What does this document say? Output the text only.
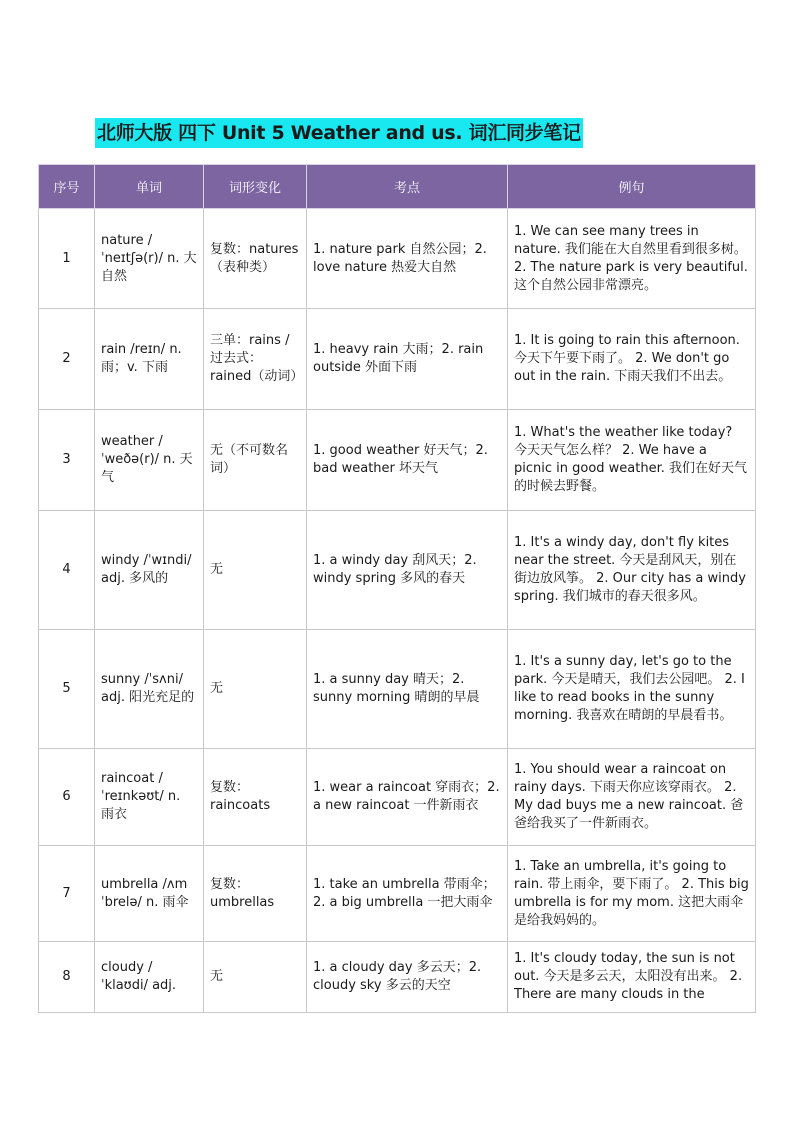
北师大版 四下 Unit 5 Weather and us. 词汇同步笔记
序号	单词	词形变化	考点	例句
1	nature /ˈneɪtʃə(r)/ n. 大自然	复数：natures（表种类）	1. nature park 自然公园；2. love nature 热爱大自然	1. We can see many trees in nature. 我们能在大自然里看到很多树。 2. The nature park is very beautiful. 这个自然公园非常漂亮。
2	rain /reɪn/ n. 雨；v. 下雨	三单：rains / 过去式：rained（动词）	1. heavy rain 大雨；2. rain outside 外面下雨	1. It is going to rain this afternoon. 今天下午要下雨了。 2. We don't go out in the rain. 下雨天我们不出去。
3	weather /ˈweðə(r)/ n. 天气	无（不可数名词）	1. good weather 好天气；2. bad weather 坏天气	1. What's the weather like today? 今天天气怎么样？ 2. We have a picnic in good weather. 我们在好天气的时候去野餐。
4	windy /ˈwɪndi/ adj. 多风的	无	1. a windy day 刮风天；2. windy spring 多风的春天	1. It's a windy day, don't fly kites near the street. 今天是刮风天，别在街边放风筝。 2. Our city has a windy spring. 我们城市的春天很多风。
5	sunny /ˈsʌni/ adj. 阳光充足的	无	1. a sunny day 晴天；2. sunny morning 晴朗的早晨	1. It's a sunny day, let's go to the park. 今天是晴天，我们去公园吧。 2. I like to read books in the sunny morning. 我喜欢在晴朗的早晨看书。
6	raincoat /ˈreɪnkəʊt/ n. 雨衣	复数：raincoats	1. wear a raincoat 穿雨衣；2. a new raincoat 一件新雨衣	1. You should wear a raincoat on rainy days. 下雨天你应该穿雨衣。 2. My dad buys me a new raincoat. 爸爸给我买了一件新雨衣。
7	umbrella /ʌmˈbrelə/ n. 雨伞	复数：umbrellas	1. take an umbrella 带雨伞；2. a big umbrella 一把大雨伞	1. Take an umbrella, it's going to rain. 带上雨伞，要下雨了。 2. This big umbrella is for my mom. 这把大雨伞是给我妈妈的。
8	cloudy /ˈklaʊdi/ adj.	无	1. a cloudy day 多云天；2. cloudy sky 多云的天空	1. It's cloudy today, the sun is not out. 今天是多云天，太阳没有出来。 2. There are many clouds in the
